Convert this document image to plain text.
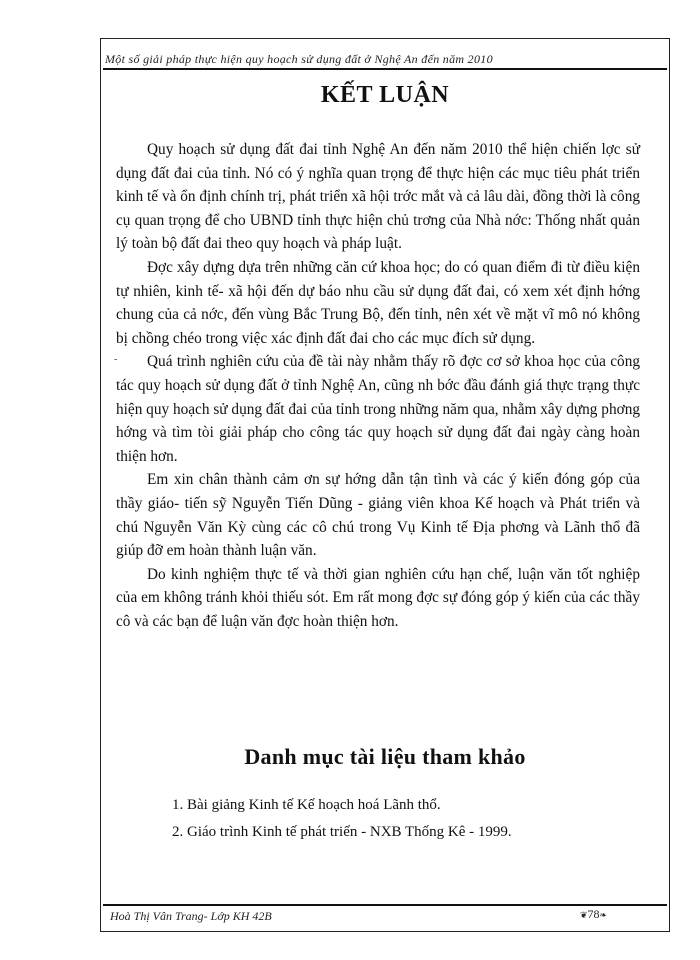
Một số giải pháp thực hiện quy hoạch sử dụng đất ở Nghệ An đến năm 2010
KẾT LUẬN

Quy hoạch sử dụng đất đai tỉnh Nghệ An đến năm 2010 thể hiện chiến lợc sử dụng đất đai của tỉnh. Nó có ý nghĩa quan trọng để thực hiện các mục tiêu phát triển kinh tế và ổn định chính trị, phát triển xã hội trớc mắt và cả lâu dài, đồng thời là công cụ quan trọng để cho UBND tỉnh thực hiện chủ trơng của Nhà nớc: Thống nhất quản lý toàn bộ đất đai theo quy hoạch và pháp luật.

Đợc xây dựng dựa trên những căn cứ khoa học; do có quan điểm đi từ điều kiện tự nhiên, kinh tế- xã hội đến dự báo nhu cầu sử dụng đất đai, có xem xét định hớng chung của cả nớc, đến vùng Bắc Trung Bộ, đến tỉnh, nên xét về mặt vĩ mô nó không bị chồng chéo trong việc xác định đất đai cho các mục đích sử dụng.

-	Quá trình nghiên cứu của đề tài này nhằm thấy rõ đợc cơ sở khoa học của công tác quy hoạch sử dụng đất ở tỉnh Nghệ An, cũng nh bớc đầu đánh giá thực trạng thực hiện quy hoạch sử dụng đất đai của tỉnh trong những năm qua, nhằm xây dựng phơng hớng và tìm tòi giải pháp cho công tác quy hoạch sử dụng đất đai ngày càng hoàn thiện hơn.

Em xin chân thành cảm ơn sự hớng dẫn tận tình và các ý kiến đóng góp của thầy giáo- tiến sỹ Nguyễn Tiến Dũng - giảng viên khoa Kế hoạch và Phát triển và chú Nguyễn Văn Kỳ cùng các cô chú trong Vụ Kinh tế Địa phơng và Lãnh thổ đã giúp đỡ em hoàn thành luận văn.

Do kinh nghiệm thực tế và thời gian nghiên cứu hạn chế, luận văn tốt nghiệp của em không tránh khỏi thiếu sót. Em rất mong đợc sự đóng góp ý kiến của các thầy cô và các bạn để luận văn đợc hoàn thiện hơn.

Danh mục tài liệu tham khảo
1. Bài giảng Kinh tế Kế hoạch hoá Lãnh thổ.
2. Giáo trình Kinh tế phát triển - NXB Thống Kê - 1999.
Hoà Thị Vân Trang- Lớp KH 42B	❦78❧
